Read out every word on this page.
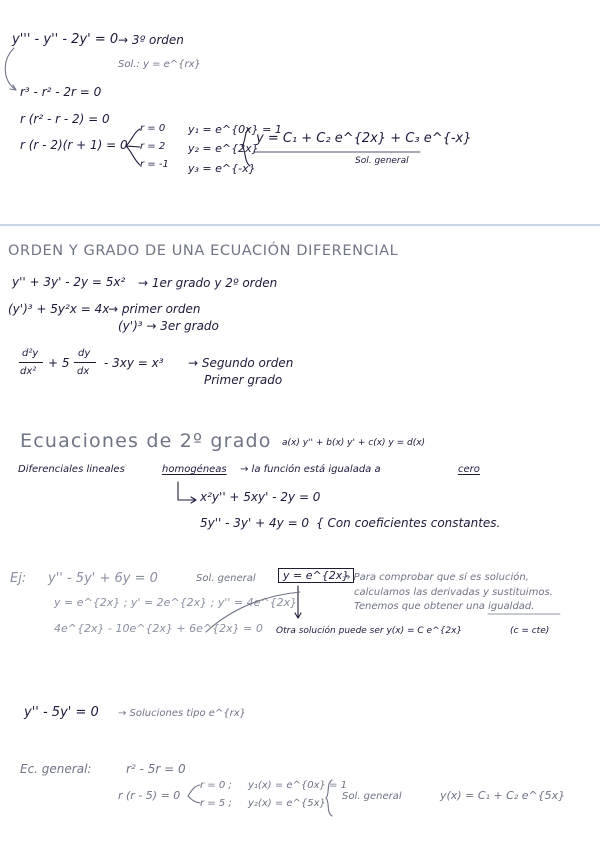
y''' - y'' - 2y' = 0 → 3º orden
Sol.: y = e^{rx}
r³ - r² - 2r = 0
r (r² - r - 2) = 0
r (r - 2)(r + 1) = 0
r = 0
r = 2
r = -1
y₁ = e^{0x} = 1
y₂ = e^{2x}
y₃ = e^{-x}
y = C₁ + C₂ e^{2x} + C₃ e^{-x}
Sol. general
ORDEN Y GRADO DE UNA ECUACIÓN DIFERENCIAL
y'' + 3y' - 2y = 5x² → 1er grado y 2º orden
(y')³ + 5y²x = 4x
→ primer orden
(y')³ → 3er grado
d²y
dx²
+ 5
dy
dx
- 3xy = x³ → Segundo orden
Primer grado
Ecuaciones de 2º grado a(x) y'' + b(x) y' + c(x) y = d(x)
Diferenciales lineales	homogéneas → la función está igualada a	cero
x²y'' + 5xy' - 2y = 0
5y'' - 3y' + 4y = 0 { Con coeficientes constantes.
Ej: y'' - 5y' + 6y = 0	Sol. general	y = e^{2x}
→ Para comprobar que sí es solución,
calculamos las derivadas y sustituimos.
Tenemos que obtener una igualdad.
y = e^{2x} ; y' = 2e^{2x} ; y'' = 4e^{2x}
4e^{2x} - 10e^{2x} + 6e^{2x} = 0 Otra solución puede ser y(x) = C e^{2x}	(c = cte)
y'' - 5y' = 0 → Soluciones tipo e^{rx}
Ec. general:	r² - 5r = 0
r (r - 5) = 0
r = 0 ;
r = 5 ;
y₁(x) = e^{0x} = 1
y₂(x) = e^{5x}
Sol. general	y(x) = C₁ + C₂ e^{5x}
